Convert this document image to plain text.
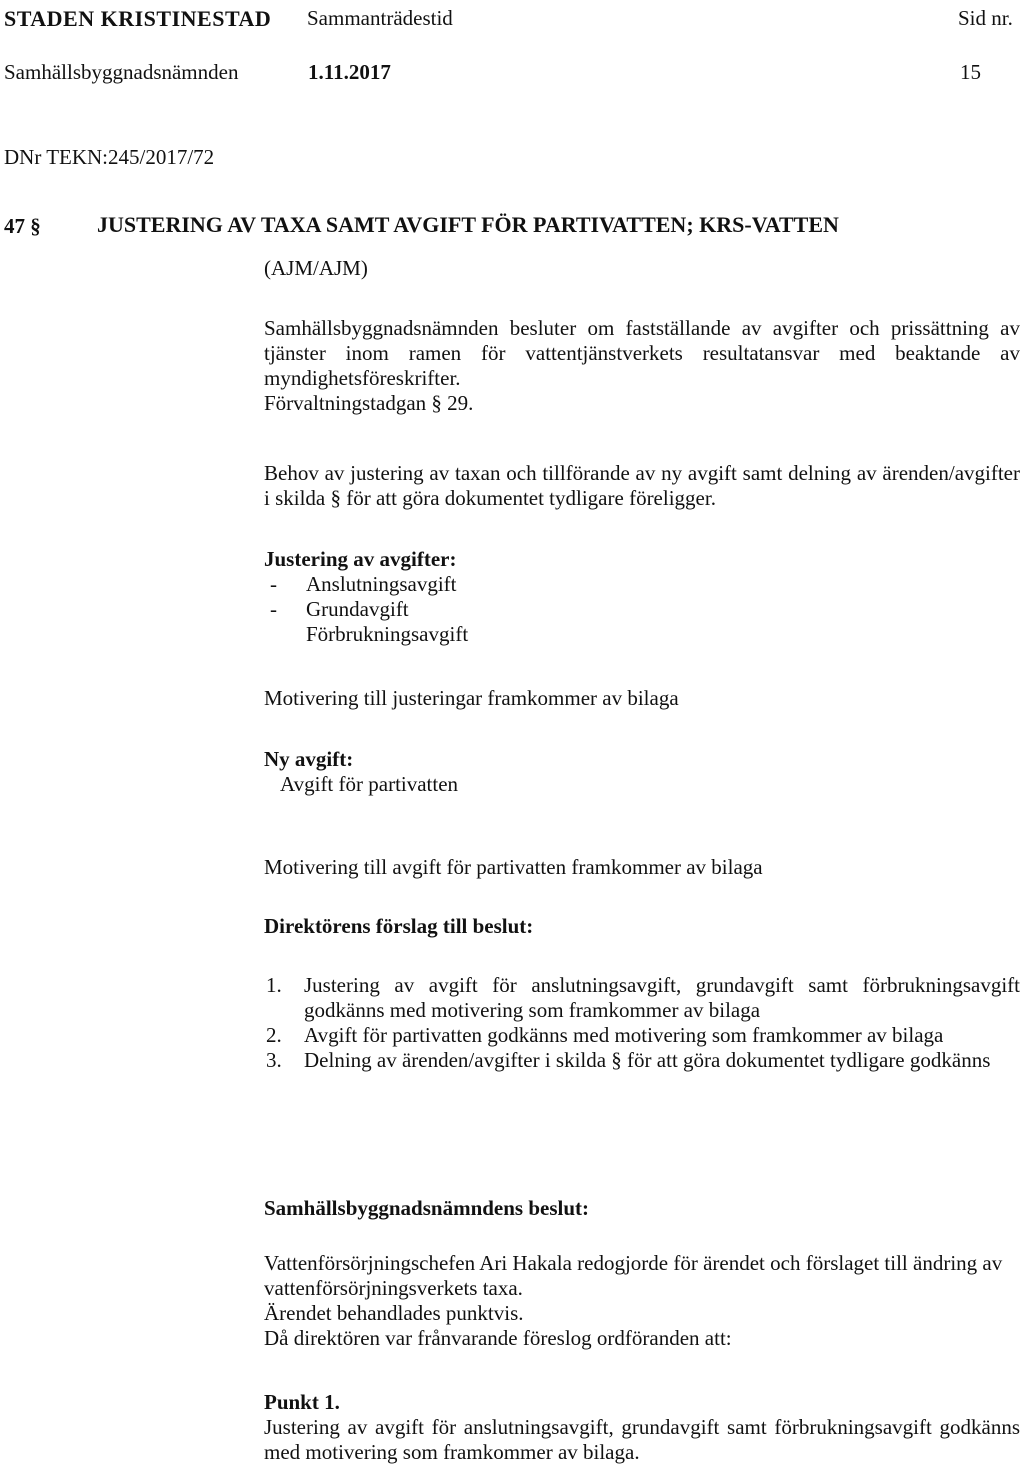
STADEN KRISTINESTAD Sammanträdestid	Sid nr.
Samhällsbyggnadsnämnden	1.11.2017	15
DNr TEKN:245/2017/72
47 §	JUSTERING AV TAXA SAMT AVGIFT FÖR PARTIVATTEN; KRS-VATTEN

(AJM/AJM)

Samhällsbyggnadsnämnden besluter om fastställande av avgifter och prissättning av tjänster inom ramen för vattentjänstverkets resultatansvar med beaktande av myndighetsföreskrifter.

Förvaltningstadgan § 29.

Behov av justering av taxan och tillförande av ny avgift samt delning av ärenden/avgifter i skilda § för att göra dokumentet tydligare föreligger.

Justering av avgifter:

- Anslutningsavgift
- Grundavgift
Förbrukningsavgift

Motivering till justeringar framkommer av bilaga

Ny avgift:

Avgift för partivatten

Motivering till avgift för partivatten framkommer av bilaga

Direktörens förslag till beslut:

1. Justering av avgift för anslutningsavgift, grundavgift samt förbrukningsavgift godkänns med motivering som framkommer av bilaga
2. Avgift för partivatten godkänns med motivering som framkommer av bilaga
3. Delning av ärenden/avgifter i skilda § för att göra dokumentet tydligare godkänns

Samhällsbyggnadsnämndens beslut:

Vattenförsörjningschefen Ari Hakala redogjorde för ärendet och förslaget till ändring av vattenförsörjningsverkets taxa.

Ärendet behandlades punktvis.

Då direktören var frånvarande föreslog ordföranden att:

Punkt 1.

Justering av avgift för anslutningsavgift, grundavgift samt förbrukningsavgift godkänns med motivering som framkommer av bilaga.
